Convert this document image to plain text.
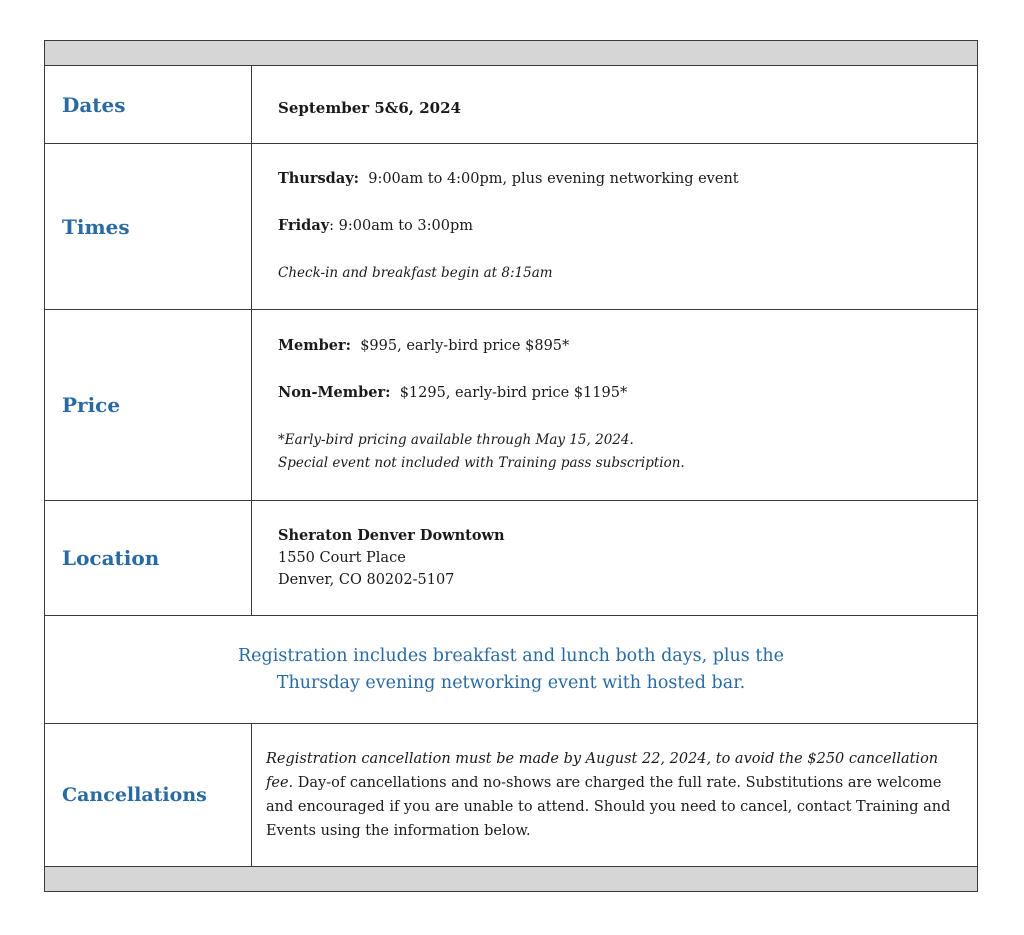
Dates	September 5&6, 2024

Times

Thursday: 9:00am to 4:00pm, plus evening networking event

Friday: 9:00am to 3:00pm

Check-in and breakfast begin at 8:15am

Price

Member: $995, early-bird price $895*

Non-Member: $1295, early-bird price $1195*

*Early-bird pricing available through May 15, 2024.

Special event not included with Training pass subscription.

Location

Sheraton Denver Downtown

1550 Court Place

Denver, CO 80202-5107

Registration includes breakfast and lunch both days, plus the
Thursday evening networking event with hosted bar.
Cancellations

Registration cancellation must be made by August 22, 2024, to avoid the $250 cancellation fee. Day-of cancellations and no-shows are charged the full rate. Substitutions are welcome and encouraged if you are unable to attend. Should you need to cancel, contact Training and Events using the information below.
